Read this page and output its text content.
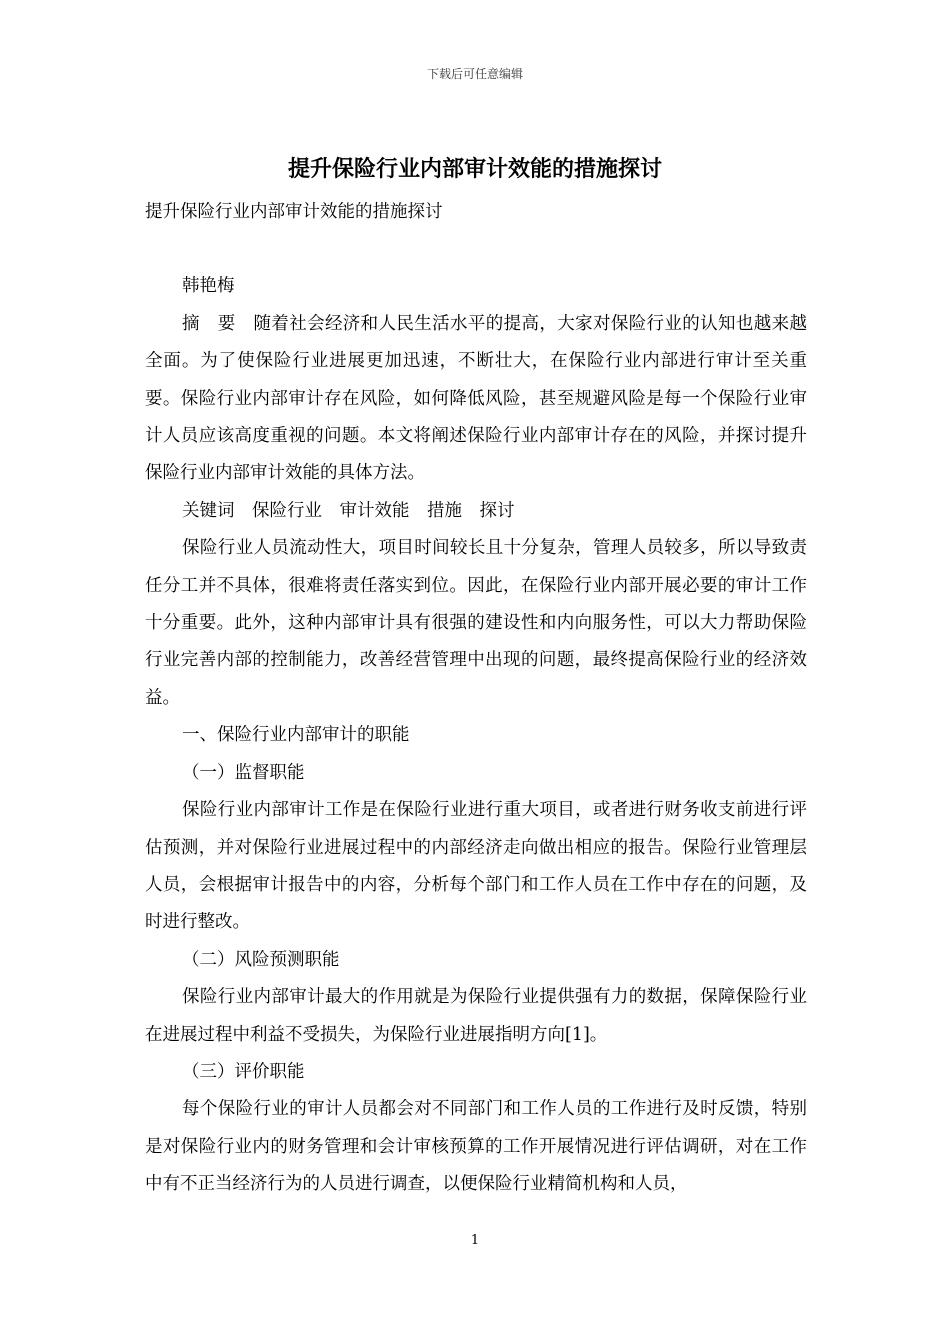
下载后可任意编辑
提升保险行业内部审计效能的措施探讨

提升保险行业内部审计效能的措施探讨

韩艳梅

摘　要　随着社会经济和人民生活水平的提高，大家对保险行业的认知也越来越全面。为了使保险行业进展更加迅速，不断壮大，在保险行业内部进行审计至关重要。保险行业内部审计存在风险，如何降低风险，甚至规避风险是每一个保险行业审计人员应该高度重视的问题。本文将阐述保险行业内部审计存在的风险，并探讨提升保险行业内部审计效能的具体方法。

关键词　保险行业　审计效能　措施　探讨

保险行业人员流动性大，项目时间较长且十分复杂，管理人员较多，所以导致责任分工并不具体，很难将责任落实到位。因此，在保险行业内部开展必要的审计工作十分重要。此外，这种内部审计具有很强的建设性和内向服务性，可以大力帮助保险行业完善内部的控制能力，改善经营管理中出现的问题，最终提高保险行业的经济效益。

一、保险行业内部审计的职能

（一）监督职能

保险行业内部审计工作是在保险行业进行重大项目，或者进行财务收支前进行评估预测，并对保险行业进展过程中的内部经济走向做出相应的报告。保险行业管理层人员，会根据审计报告中的内容，分析每个部门和工作人员在工作中存在的问题，及时进行整改。

（二）风险预测职能

保险行业内部审计最大的作用就是为保险行业提供强有力的数据，保障保险行业在进展过程中利益不受损失，为保险行业进展指明方向[1]。

（三）评价职能

每个保险行业的审计人员都会对不同部门和工作人员的工作进行及时反馈，特别是对保险行业内的财务管理和会计审核预算的工作开展情况进行评估调研，对在工作中有不正当经济行为的人员进行调查，以便保险行业精简机构和人员，

1
